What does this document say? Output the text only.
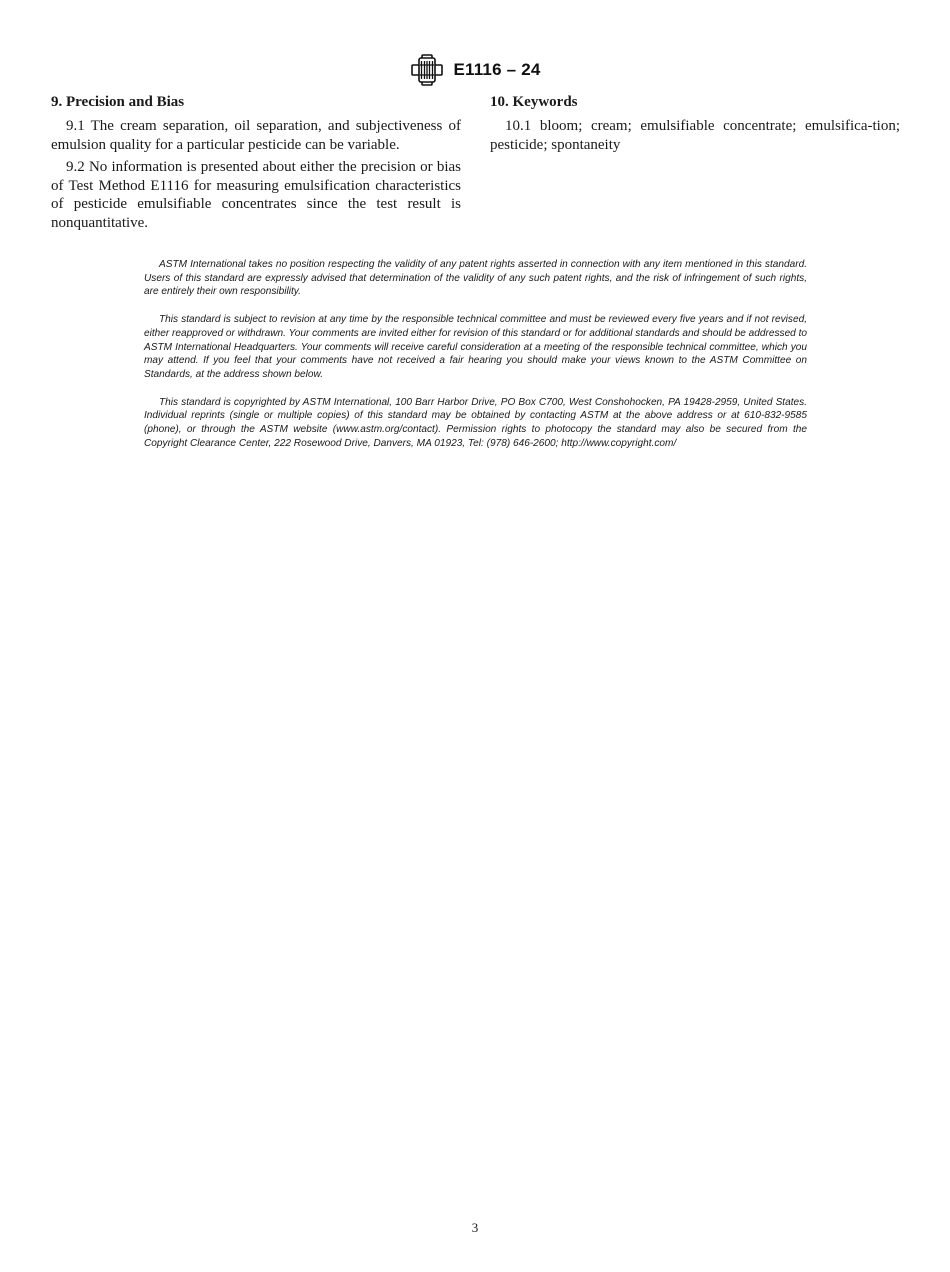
E1116 – 24
9. Precision and Bias

9.1 The cream separation, oil separation, and subjectiveness of emulsion quality for a particular pesticide can be variable.

9.2 No information is presented about either the precision or bias of Test Method E1116 for measuring emulsification characteristics of pesticide emulsifiable concentrates since the test result is nonquantitative.

10. Keywords

10.1 bloom; cream; emulsifiable concentrate; emulsifica-tion; pesticide; spontaneity

ASTM International takes no position respecting the validity of any patent rights asserted in connection with any item mentioned in this standard. Users of this standard are expressly advised that determination of the validity of any such patent rights, and the risk of infringement of such rights, are entirely their own responsibility.

This standard is subject to revision at any time by the responsible technical committee and must be reviewed every five years and if not revised, either reapproved or withdrawn. Your comments are invited either for revision of this standard or for additional standards and should be addressed to ASTM International Headquarters. Your comments will receive careful consideration at a meeting of the responsible technical committee, which you may attend. If you feel that your comments have not received a fair hearing you should make your views known to the ASTM Committee on Standards, at the address shown below.

This standard is copyrighted by ASTM International, 100 Barr Harbor Drive, PO Box C700, West Conshohocken, PA 19428-2959, United States. Individual reprints (single or multiple copies) of this standard may be obtained by contacting ASTM at the above address or at 610-832-9585 (phone), or through the ASTM website (www.astm.org/contact). Permission rights to photocopy the standard may also be secured from the Copyright Clearance Center, 222 Rosewood Drive, Danvers, MA 01923, Tel: (978) 646-2600; http://www.copyright.com/

3
